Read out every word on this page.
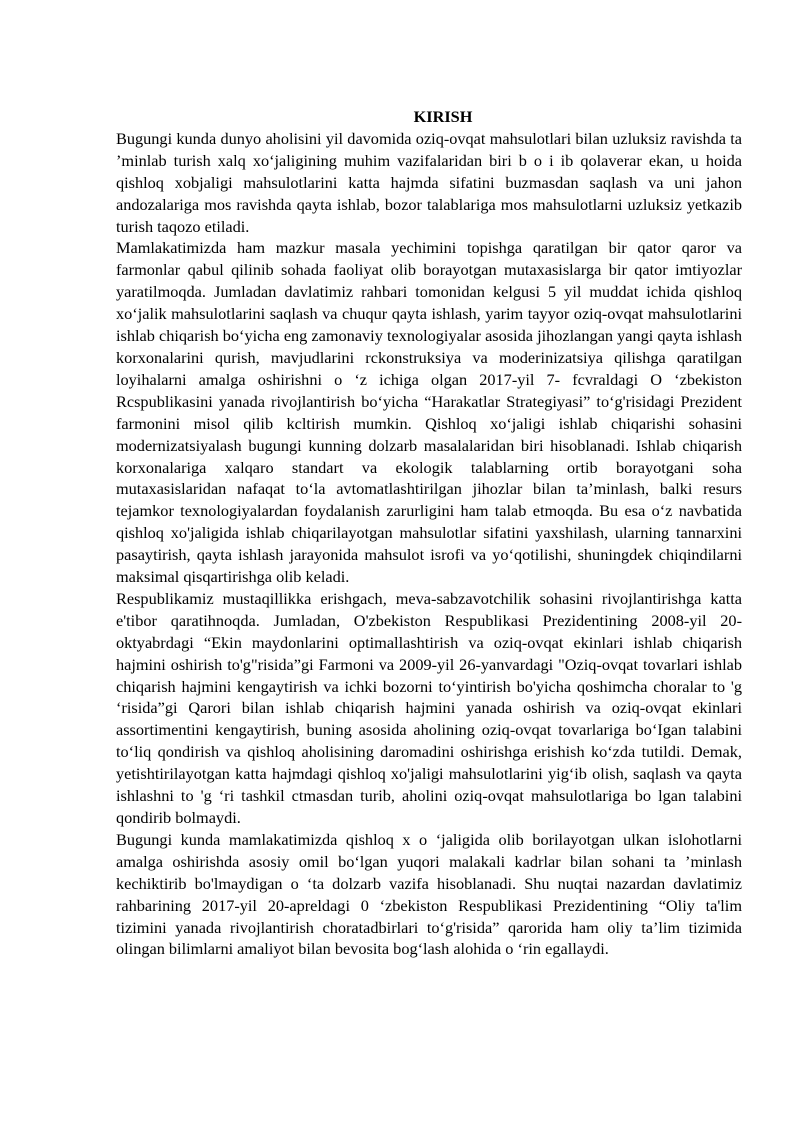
KIRISH

Bugungi kunda dunyo aholisini yil davomida oziq-ovqat mahsulotlari bilan uzluksiz ravishda ta ’minlab turish xalq xo‘jaligining muhim vazifalaridan biri b o i ib qolaverar ekan, u hoida qishloq xobjaligi mahsulotlarini katta hajmda sifatini buzmasdan saqlash va uni jahon andozalariga mos ravishda qayta ishlab, bozor talablariga mos mahsulotlarni uzluksiz yetkazib turish taqozo etiladi.

Mamlakatimizda ham mazkur masala yechimini topishga qaratilgan bir qator qaror va farmonlar qabul qilinib sohada faoliyat olib borayotgan mutaxasislarga bir qator imtiyozlar yaratilmoqda. Jumladan davlatimiz rahbari tomonidan kelgusi 5 yil muddat ichida qishloq xo‘jalik mahsulotlarini saqlash va chuqur qayta ishlash, yarim tayyor oziq-ovqat mahsulotlarini ishlab chiqarish bo‘yicha eng zamonaviy texnologiyalar asosida jihozlangan yangi qayta ishlash korxonalarini qurish, mavjudlarini rckonstruksiya va moderinizatsiya qilishga qaratilgan loyihalarni amalga oshirishni o ‘z ichiga olgan 2017-yil 7- fcvraldagi O ‘zbekiston Rcspublikasini yanada rivojlantirish bo‘yicha “Harakatlar Strategiyasi” to‘g'risidagi Prezident farmonini misol qilib kcltirish mumkin. Qishloq xo‘jaligi ishlab chiqarishi sohasini modernizatsiyalash bugungi kunning dolzarb masalalaridan biri hisoblanadi. Ishlab chiqarish korxonalariga xalqaro standart va ekologik talablarning ortib borayotgani soha mutaxasislaridan nafaqat to‘la avtomatlashtirilgan jihozlar bilan ta’minlash, balki resurs tejamkor texnologiyalardan foydalanish zarurligini ham talab etmoqda. Bu esa o‘z navbatida qishloq xo'jaligida ishlab chiqarilayotgan mahsulotlar sifatini yaxshilash, ularning tannarxini pasaytirish, qayta ishlash jarayonida mahsulot isrofi va yo‘qotilishi, shuningdek chiqindilarni maksimal qisqartirishga olib keladi.

Respublikamiz mustaqillikka erishgach, meva-sabzavotchilik sohasini rivojlantirishga katta e'tibor qaratihnoqda. Jumladan, O'zbekiston Respublikasi Prezidentining 2008-yil 20-oktyabrdagi “Ekin maydonlarini optimallashtirish va oziq-ovqat ekinlari ishlab chiqarish hajmini oshirish to'g"risida”gi Farmoni va 2009-yil 26-yanvardagi "Oziq-ovqat tovarlari ishlab chiqarish hajmini kengaytirish va ichki bozorni to‘yintirish bo'yicha qoshimcha choralar to 'g ‘risida”gi Qarori bilan ishlab chiqarish hajmini yanada oshirish va oziq-ovqat ekinlari assortimentini kengaytirish, buning asosida aholining oziq-ovqat tovarlariga bo‘Igan talabini to‘liq qondirish va qishloq aholisining daromadini oshirishga erishish ko‘zda tutildi. Demak, yetishtirilayotgan katta hajmdagi qishloq xo'jaligi mahsulotlarini yig‘ib olish, saqlash va qayta ishlashni to 'g ‘ri tashkil ctmasdan turib, aholini oziq-ovqat mahsulotlariga bo lgan talabini qondirib bolmaydi.

Bugungi kunda mamlakatimizda qishloq x o ‘jaligida olib borilayotgan ulkan islohotlarni amalga oshirishda asosiy omil bo‘lgan yuqori malakali kadrlar bilan sohani ta ’minlash kechiktirib bo'lmaydigan o ‘ta dolzarb vazifa hisoblanadi. Shu nuqtai nazardan davlatimiz rahbarining 2017-yil 20-apreldagi 0 ‘zbekiston Respublikasi Prezidentining “Oliy ta'lim tizimini yanada rivojlantirish choratadbirlari to‘g'risida” qarorida ham oliy ta’lim tizimida olingan bilimlarni amaliyot bilan bevosita bog‘lash alohida o ‘rin egallaydi.
